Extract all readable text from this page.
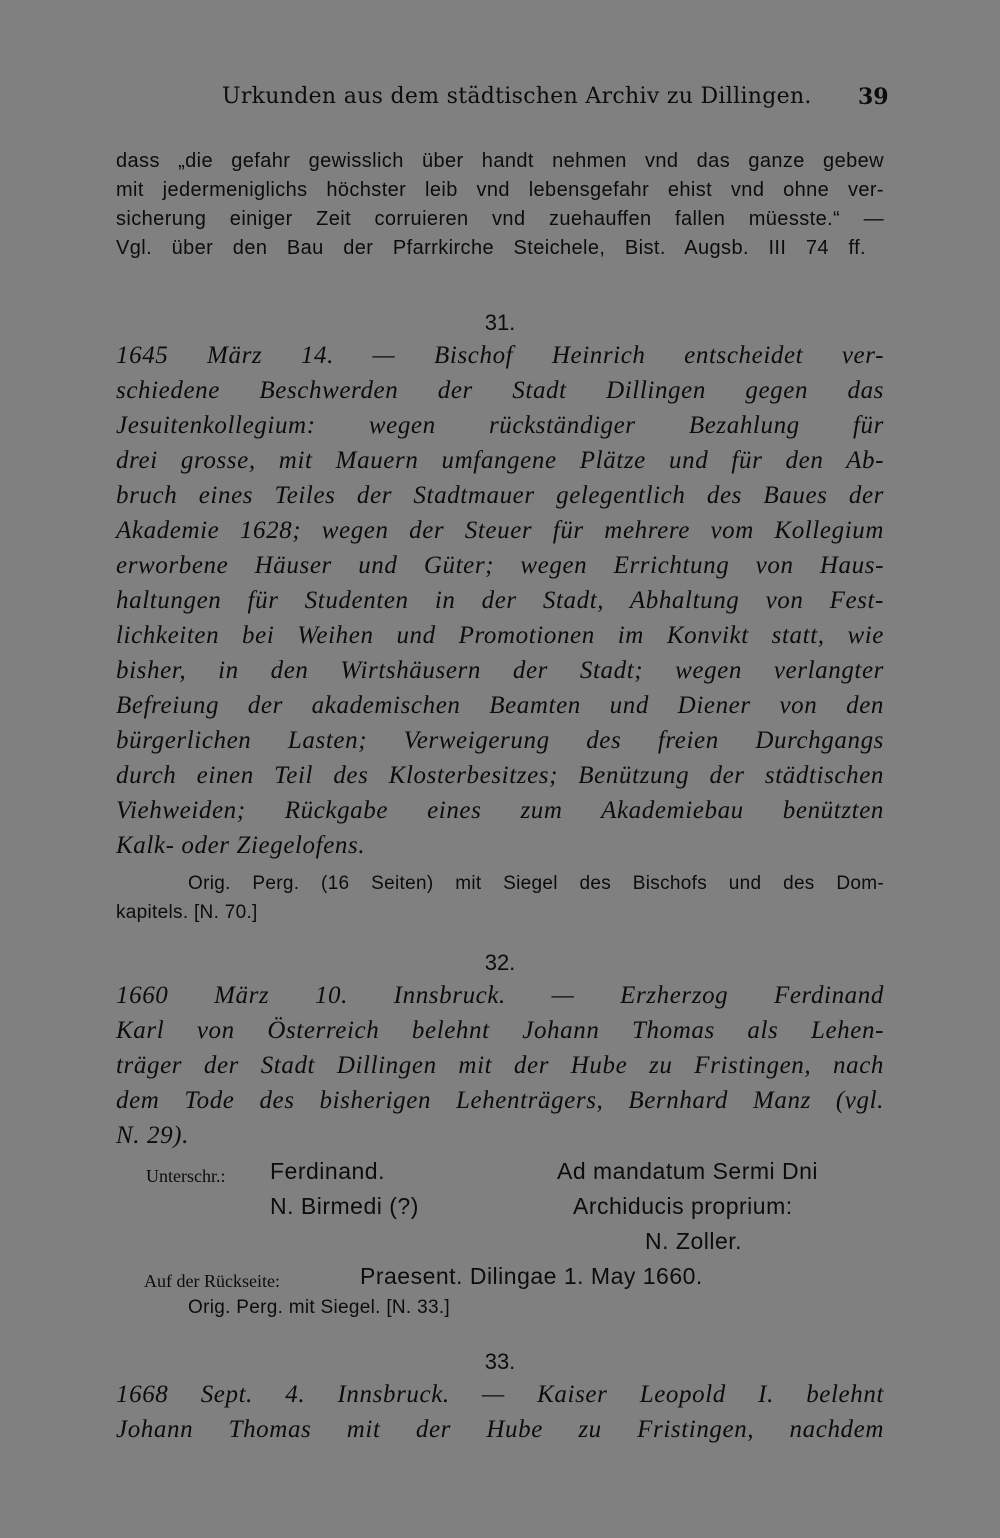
Urkunden aus dem städtischen Archiv zu Dillingen. 39
dass „die gefahr gewisslich über handt nehmen vnd das ganze gebew
mit jedermeniglichs höchster leib vnd lebensgefahr ehist vnd ohne ver-
sicherung einiger Zeit corruieren vnd zuehauffen fallen müesste.“ —
Vgl. über den Bau der Pfarrkirche Steichele, Bist. Augsb. III 74 ff.
31.
1645 März 14. — Bischof Heinrich entscheidet ver-
schiedene Beschwerden der Stadt Dillingen gegen das
Jesuitenkollegium: wegen rückständiger Bezahlung für
drei grosse, mit Mauern umfangene Plätze und für den Ab-
bruch eines Teiles der Stadtmauer gelegentlich des Baues der
Akademie 1628; wegen der Steuer für mehrere vom Kollegium
erworbene Häuser und Güter; wegen Errichtung von Haus-
haltungen für Studenten in der Stadt, Abhaltung von Fest-
lichkeiten bei Weihen und Promotionen im Konvikt statt, wie
bisher, in den Wirtshäusern der Stadt; wegen verlangter
Befreiung der akademischen Beamten und Diener von den
bürgerlichen Lasten; Verweigerung des freien Durchgangs
durch einen Teil des Klosterbesitzes; Benützung der städtischen
Viehweiden; Rückgabe eines zum Akademiebau benützten
Kalk- oder Ziegelofens.
Orig. Perg. (16 Seiten) mit Siegel des Bischofs und des Dom-
kapitels. [N. 70.]
32.
1660 März 10. Innsbruck. — Erzherzog Ferdinand
Karl von Österreich belehnt Johann Thomas als Lehen-
träger der Stadt Dillingen mit der Hube zu Fristingen, nach
dem Tode des bisherigen Lehenträgers, Bernhard Manz (vgl.
N. 29).
Unterschr.: Ferdinand.
N. Birmedi (?)
Ad mandatum Sermi Dni
Archiducis proprium:
N. Zoller.
Auf der Rückseite:	Praesent. Dilingae 1. May 1660.
Orig. Perg. mit Siegel. [N. 33.]
33.
1668 Sept. 4. Innsbruck. — Kaiser Leopold I. belehnt
Johann Thomas mit der Hube zu Fristingen, nachdem
